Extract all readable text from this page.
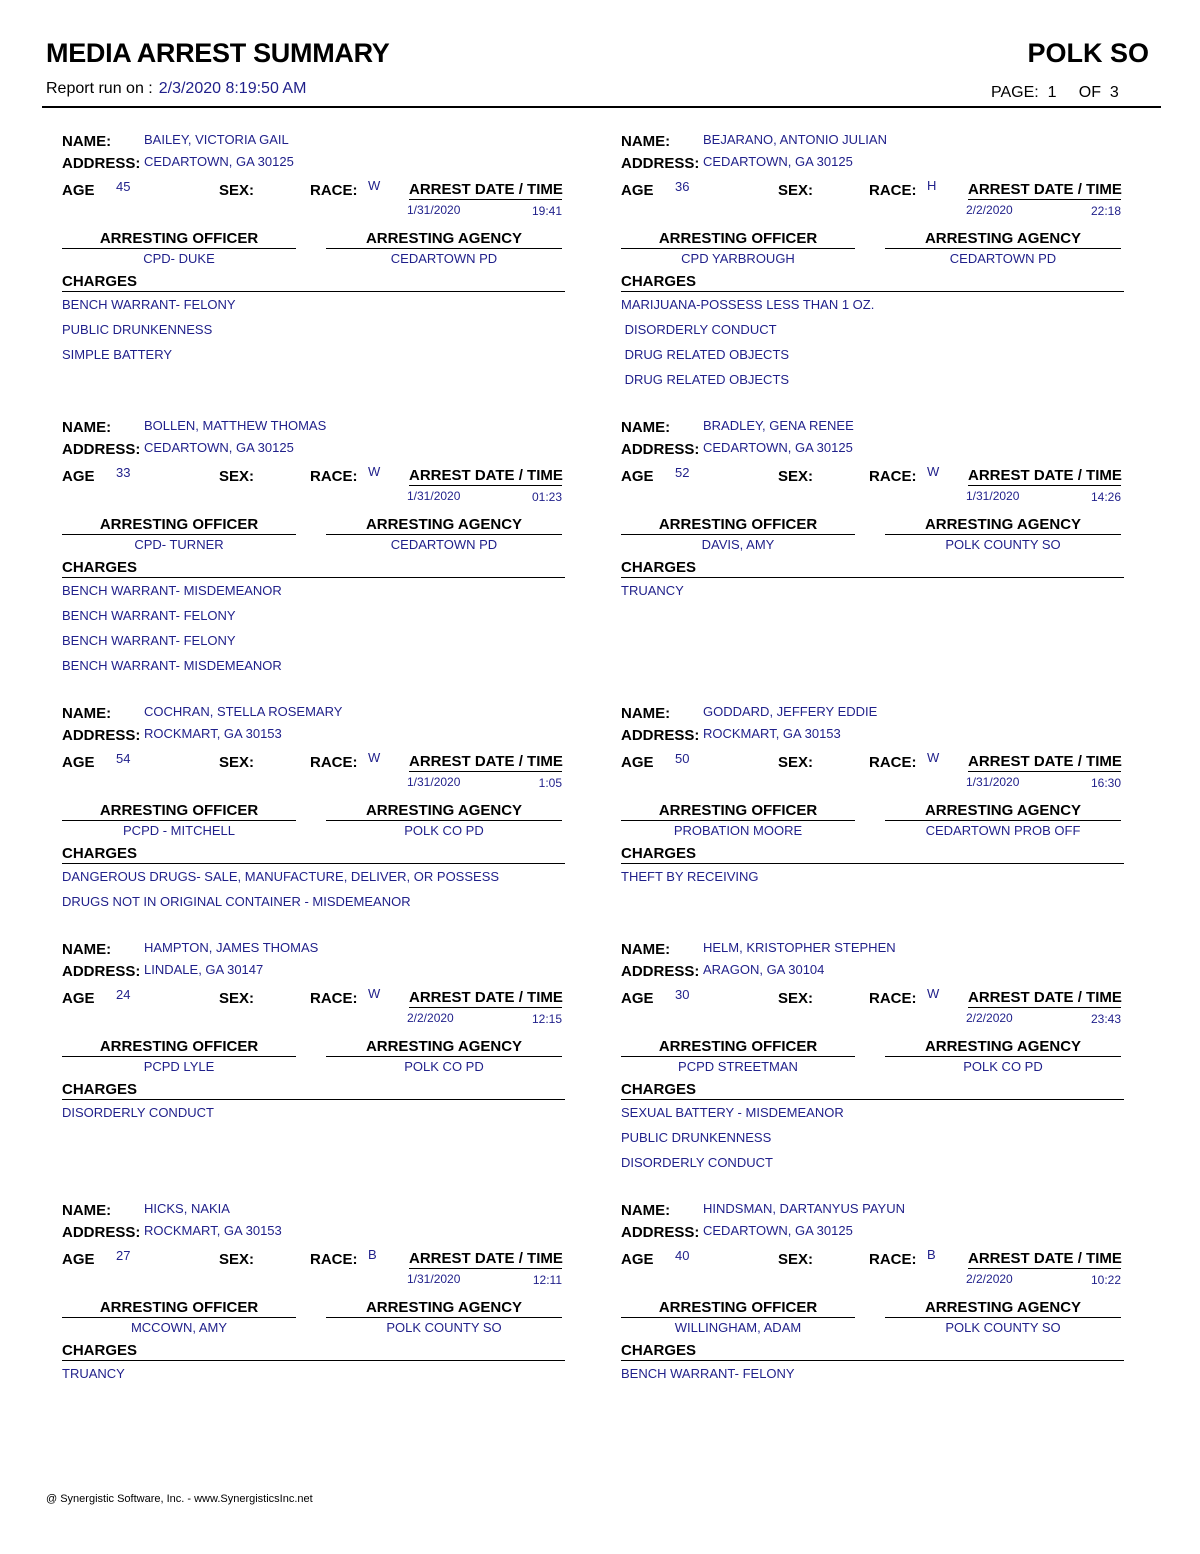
MEDIA ARREST SUMMARY	POLK SO
Report run on : 2/3/2020 8:19:50 AM	PAGE: 1 OF 3
NAME:	BAILEY, VICTORIA GAIL
ADDRESS: CEDARTOWN, GA 30125
AGE 45	SEX:	RACE: W ARREST DATE / TIME
1/31/2020	19:41
ARRESTING OFFICER
CPD- DUKE
ARRESTING AGENCY
CEDARTOWN PD
CHARGES
BENCH WARRANT- FELONY
PUBLIC DRUNKENNESS
SIMPLE BATTERY
NAME:	BEJARANO, ANTONIO JULIAN
ADDRESS: CEDARTOWN, GA 30125
AGE 36	SEX:	RACE: H ARREST DATE / TIME
2/2/2020	22:18
ARRESTING OFFICER
CPD YARBROUGH
ARRESTING AGENCY
CEDARTOWN PD
CHARGES
MARIJUANA-POSSESS LESS THAN 1 OZ.
DISORDERLY CONDUCT
DRUG RELATED OBJECTS
DRUG RELATED OBJECTS
NAME:	BOLLEN, MATTHEW THOMAS
ADDRESS: CEDARTOWN, GA 30125
AGE 33	SEX:	RACE: W ARREST DATE / TIME
1/31/2020	01:23
ARRESTING OFFICER
CPD- TURNER
ARRESTING AGENCY
CEDARTOWN PD
CHARGES
BENCH WARRANT- MISDEMEANOR
BENCH WARRANT- FELONY
BENCH WARRANT- FELONY
BENCH WARRANT- MISDEMEANOR
NAME:	BRADLEY, GENA RENEE
ADDRESS: CEDARTOWN, GA 30125
AGE 52	SEX:	RACE: W ARREST DATE / TIME
1/31/2020	14:26
ARRESTING OFFICER
DAVIS, AMY
ARRESTING AGENCY
POLK COUNTY SO
CHARGES
TRUANCY
NAME:	COCHRAN, STELLA ROSEMARY
ADDRESS: ROCKMART, GA 30153
AGE 54	SEX:	RACE: W ARREST DATE / TIME
1/31/2020	1:05
ARRESTING OFFICER
PCPD - MITCHELL
ARRESTING AGENCY
POLK CO PD
CHARGES
DANGEROUS DRUGS- SALE, MANUFACTURE, DELIVER, OR POSSESS
DRUGS NOT IN ORIGINAL CONTAINER - MISDEMEANOR
NAME:	GODDARD, JEFFERY EDDIE
ADDRESS: ROCKMART, GA 30153
AGE 50	SEX:	RACE: W ARREST DATE / TIME
1/31/2020	16:30
ARRESTING OFFICER
PROBATION MOORE
ARRESTING AGENCY
CEDARTOWN PROB OFF
CHARGES
THEFT BY RECEIVING
NAME:	HAMPTON, JAMES THOMAS
ADDRESS: LINDALE, GA 30147
AGE 24	SEX:	RACE: W ARREST DATE / TIME
2/2/2020	12:15
ARRESTING OFFICER
PCPD LYLE
ARRESTING AGENCY
POLK CO PD
CHARGES
DISORDERLY CONDUCT
NAME:	HELM, KRISTOPHER STEPHEN
ADDRESS: ARAGON, GA 30104
AGE 30	SEX:	RACE: W ARREST DATE / TIME
2/2/2020	23:43
ARRESTING OFFICER
PCPD STREETMAN
ARRESTING AGENCY
POLK CO PD
CHARGES
SEXUAL BATTERY - MISDEMEANOR
PUBLIC DRUNKENNESS
DISORDERLY CONDUCT
NAME:	HICKS, NAKIA
ADDRESS: ROCKMART, GA 30153
AGE 27	SEX:	RACE: B ARREST DATE / TIME
1/31/2020	12:11
ARRESTING OFFICER
MCCOWN, AMY
ARRESTING AGENCY
POLK COUNTY SO
CHARGES
TRUANCY
NAME:	HINDSMAN, DARTANYUS PAYUN
ADDRESS: CEDARTOWN, GA 30125
AGE 40	SEX:	RACE: B ARREST DATE / TIME
2/2/2020	10:22
ARRESTING OFFICER
WILLINGHAM, ADAM
ARRESTING AGENCY
POLK COUNTY SO
CHARGES
BENCH WARRANT- FELONY
@ Synergistic Software, Inc. - www.SynergisticsInc.net
